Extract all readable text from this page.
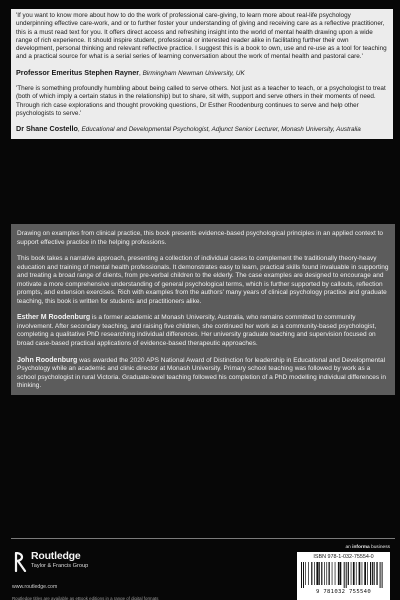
'If you want to know more about how to do the work of professional care-giving, to learn more about real-life psychology underpinning effective care-work, and or to further foster your understanding of giving and receiving care as a reflective practitioner, this is a must read text for you. It offers direct access and refreshing insight into the world of mental health drawing upon a wide range of rich experience. It should inspire student, professional or interested reader alike in facilitating further their own development, personal thinking and relevant reflective practice. I suggest this is a book to own, use and re-use as a tool for teaching and a practical source for what is a serial series of learning conversation about the work of mental health and pastoral care.'

Professor Emeritus Stephen Rayner, Birmingham Newman University, UK

'There is something profoundly humbling about being called to serve others. Not just as a teacher to teach, or a psychologist to treat (both of which imply a certain status in the relationship) but to share, sit with, support and serve others in their moments of need. Through rich case explorations and thought provoking questions, Dr Esther Roodenburg continues to serve and help other psychologists to serve.'

Dr Shane Costello, Educational and Developmental Psychologist, Adjunct Senior Lecturer, Monash University, Australia

Drawing on examples from clinical practice, this book presents evidence-based psychological principles in an applied context to support effective practice in the helping professions.

This book takes a narrative approach, presenting a collection of individual cases to complement the traditionally theory-heavy education and training of mental health professionals. It demonstrates easy to learn, practical skills found invaluable in supporting and treating a broad range of clients, from pre-verbal children to the elderly. The case examples are designed to encourage and motivate a more comprehensive understanding of general psychological terms, which is further supported by callouts, reflection prompts, and extension exercises. Rich with examples from the authors' many years of clinical psychology practice and graduate teaching, this book is written for students and practitioners alike.

Esther M Roodenburg is a former academic at Monash University, Australia, who remains committed to community involvement. After secondary teaching, and raising five children, she continued her work as a community-based psychologist, completing a qualitative PhD researching individual differences. Her university graduate teaching and supervision focused on broad case-based practical applications of evidence-based therapeutic approaches.

John Roodenburg was awarded the 2020 APS National Award of Distinction for leadership in Educational and Developmental Psychology while an academic and clinic director at Monash University. Primary school teaching was followed by work as a school psychologist in rural Victoria. Graduate-level teaching followed his completion of a PhD modelling individual differences in thinking.

Routledge
Taylor & Francis Group
www.routledge.com
Routledge titles are available as eBook editions in a range of digital formats
an informa business
ISBN 978-1-032-75554-0
9 781032 755540
